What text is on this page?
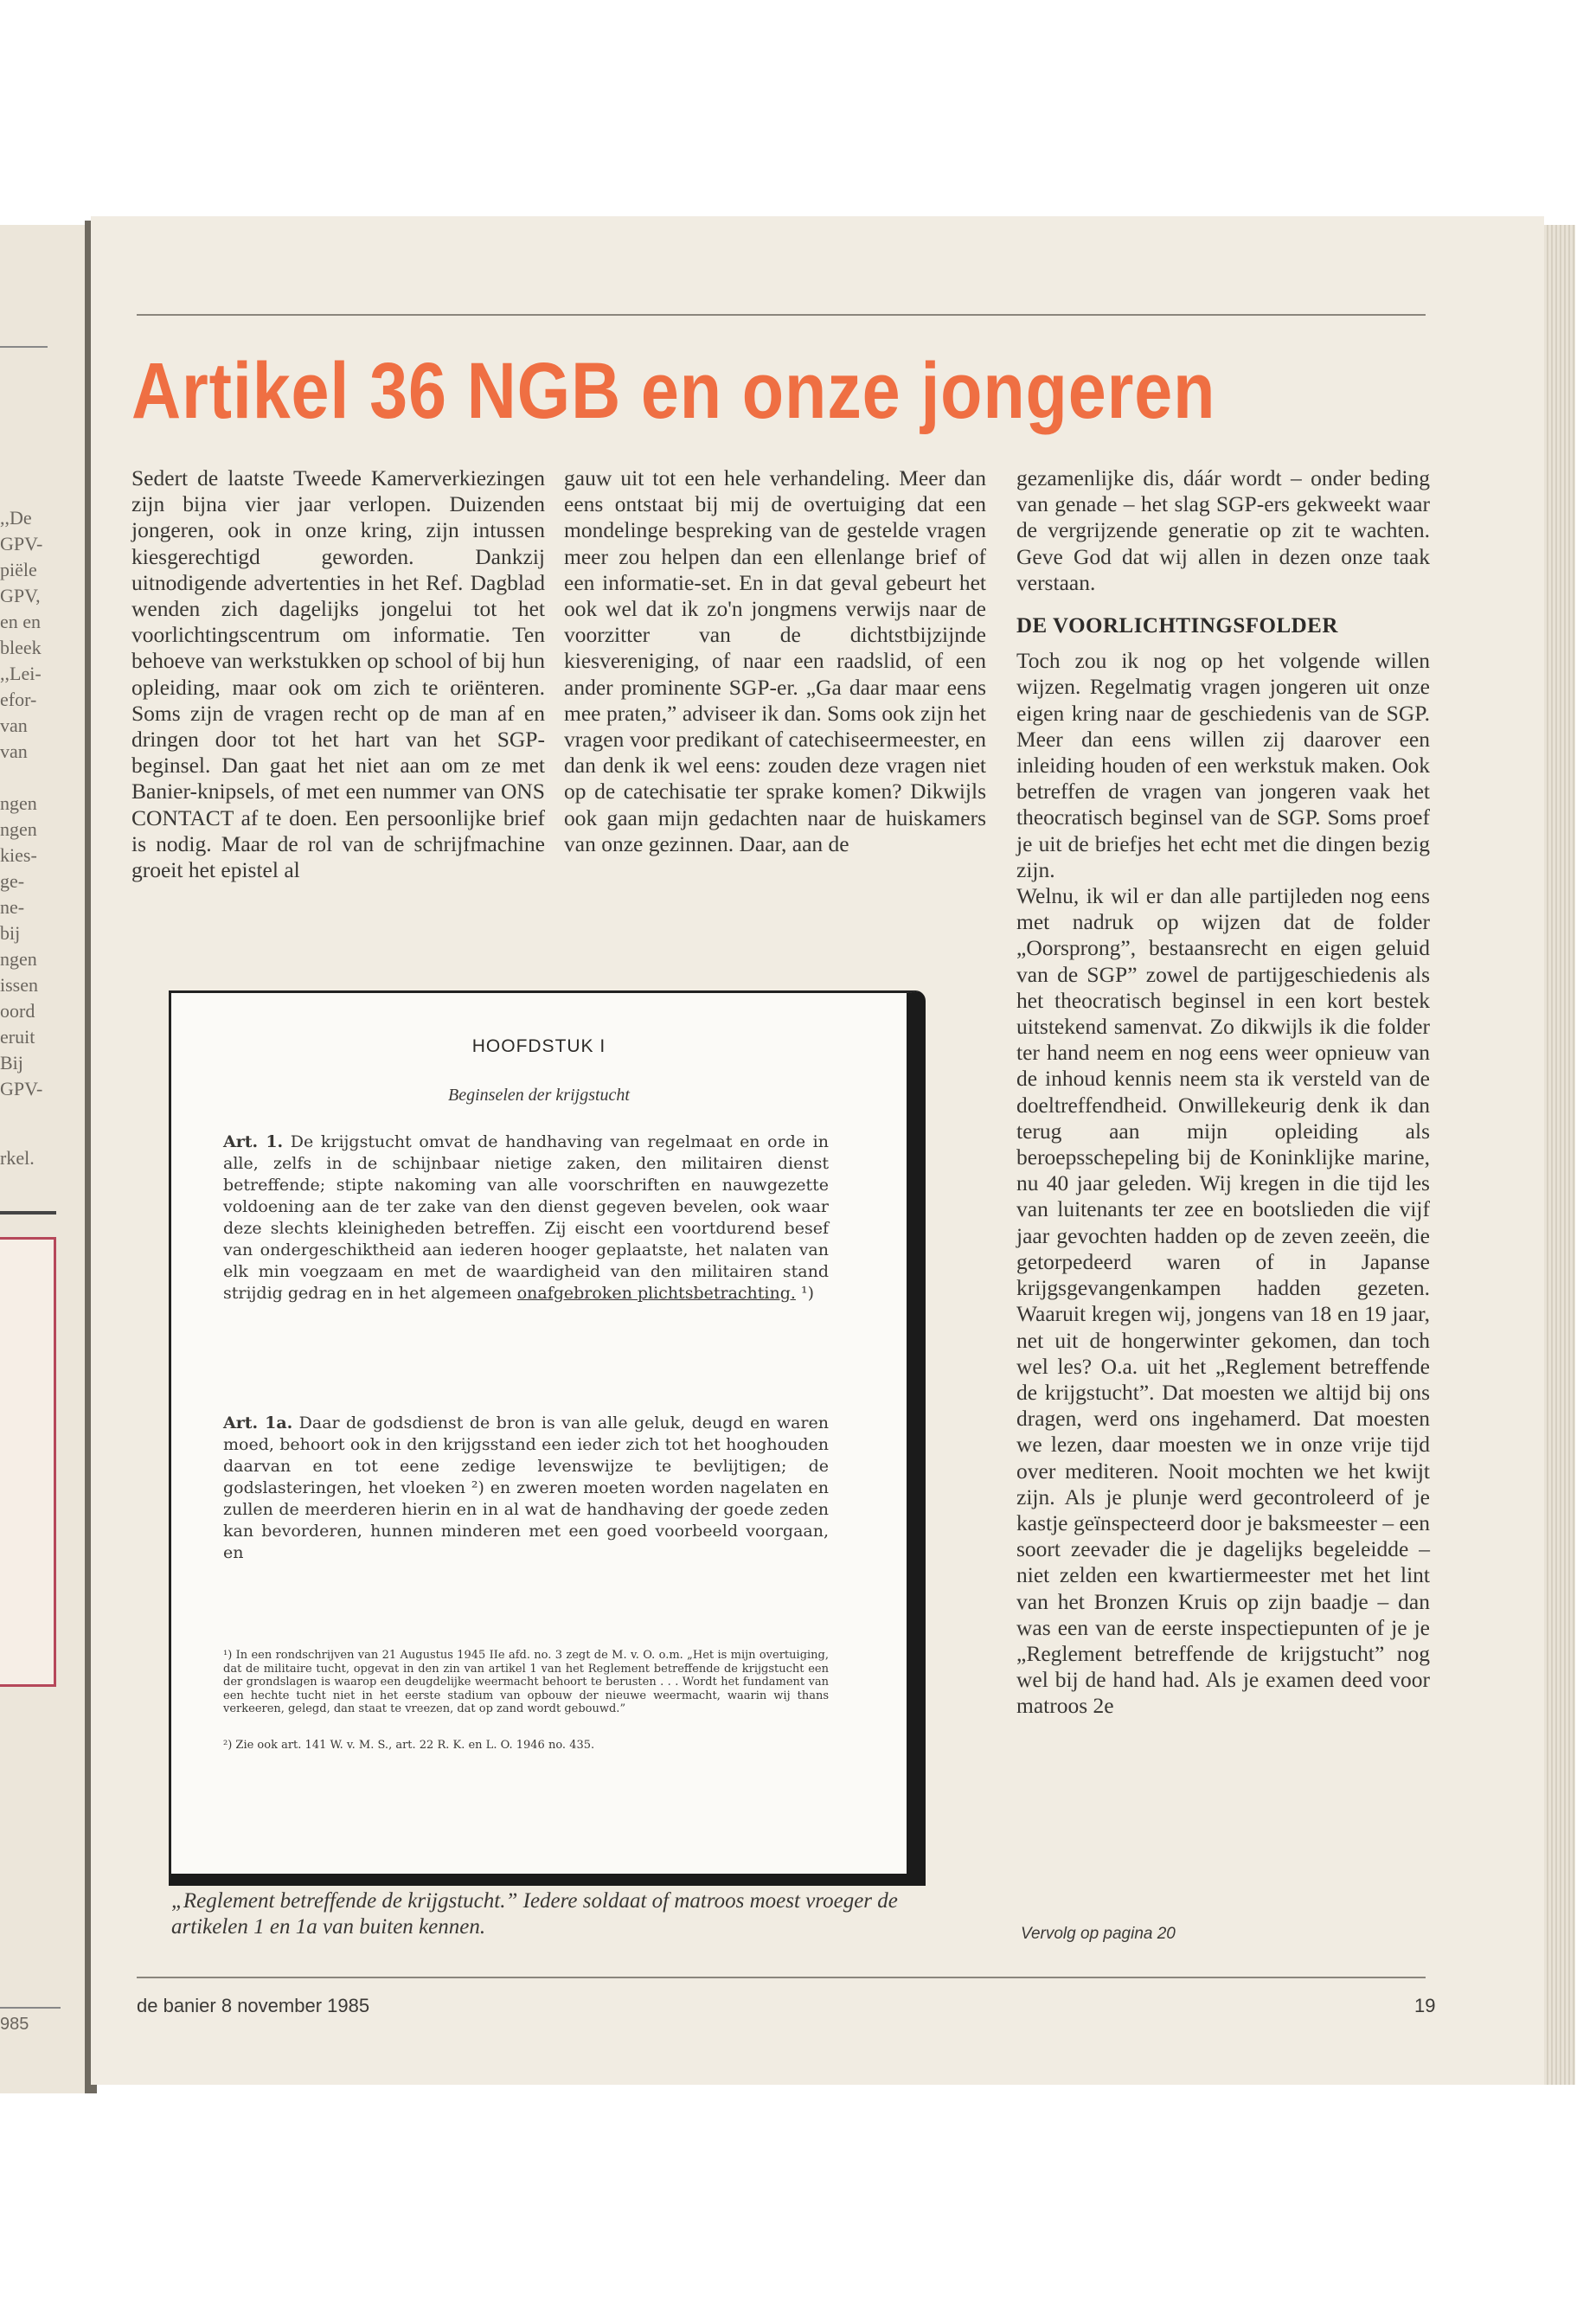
,,De
GPV-
piële
GPV,
en en
bleek
,,Lei-
efor-
van
van
ngen
ngen
kies-
ge-
ne-
bij
ngen
issen
oord
eruit
Bij
GPV-
rkel.
985
Artikel 36 NGB en onze jongeren

Sedert de laatste Tweede Kamerverkiezingen zijn bijna vier jaar verlopen. Duizenden jongeren, ook in onze kring, zijn intussen kiesgerechtigd geworden. Dankzij uitnodigende advertenties in het Ref. Dagblad wenden zich dagelijks jongelui tot het voorlichtingscentrum om informatie. Ten behoeve van werkstukken op school of bij hun opleiding, maar ook om zich te oriënteren. Soms zijn de vragen recht op de man af en dringen door tot het hart van het SGP-beginsel. Dan gaat het niet aan om ze met Banier-knipsels, of met een nummer van ONS CONTACT af te doen. Een persoonlijke brief is nodig. Maar de rol van de schrijfmachine groeit het epistel al

gauw uit tot een hele verhandeling. Meer dan eens ontstaat bij mij de overtuiging dat een mondelinge bespreking van de gestelde vragen meer zou helpen dan een ellenlange brief of een informatie-set. En in dat geval gebeurt het ook wel dat ik zo'n jongmens verwijs naar de voorzitter van de dichtstbijzijnde kiesvereniging, of naar een raadslid, of een ander prominente SGP-er. „Ga daar maar eens mee praten,” adviseer ik dan. Soms ook zijn het vragen voor predikant of catechiseermeester, en dan denk ik wel eens: zouden deze vragen niet op de catechisatie ter sprake komen? Dikwijls ook gaan mijn gedachten naar de huiskamers van onze gezinnen. Daar, aan de

gezamenlijke dis, dáár wordt – onder beding van genade – het slag SGP-ers gekweekt waar de vergrijzende generatie op zit te wachten. Geve God dat wij allen in dezen onze taak verstaan.

DE VOORLICHTINGSFOLDER

Toch zou ik nog op het volgende willen wijzen. Regelmatig vragen jongeren uit onze eigen kring naar de geschiedenis van de SGP. Meer dan eens willen zij daarover een inleiding houden of een werkstuk maken. Ook betreffen de vragen van jongeren vaak het theocratisch beginsel van de SGP. Soms proef je uit de briefjes het echt met die dingen bezig zijn.

Welnu, ik wil er dan alle partijleden nog eens met nadruk op wijzen dat de folder „Oorsprong”, bestaansrecht en eigen geluid van de SGP” zowel de partijgeschiedenis als het theocratisch beginsel in een kort bestek uitstekend samenvat. Zo dikwijls ik die folder ter hand neem en nog eens weer opnieuw van de inhoud kennis neem sta ik versteld van de doeltreffendheid. Onwillekeurig denk ik dan terug aan mijn opleiding als beroepsschepeling bij de Koninklijke marine, nu 40 jaar geleden. Wij kregen in die tijd les van luitenants ter zee en bootslieden die vijf jaar gevochten hadden op de zeven zeeën, die getorpedeerd waren of in Japanse krijgsgevangenkampen hadden gezeten. Waaruit kregen wij, jongens van 18 en 19 jaar, net uit de hongerwinter gekomen, dan toch wel les? O.a. uit het „Reglement betreffende de krijgstucht”. Dat moesten we altijd bij ons dragen, werd ons ingehamerd. Dat moesten we lezen, daar moesten we in onze vrije tijd over mediteren. Nooit mochten we het kwijt zijn. Als je plunje werd gecontroleerd of je kastje geïnspecteerd door je baksmeester – een soort zeevader die je dagelijks begeleidde – niet zelden een kwartiermeester met het lint van het Bronzen Kruis op zijn baadje – dan was een van de eerste inspectiepunten of je je „Reglement betreffende de krijgstucht” nog wel bij de hand had. Als je examen deed voor matroos 2e

HOOFDSTUK I
Beginselen der krijgstucht
Art. 1. De krijgstucht omvat de handhaving van regelmaat en orde in alle, zelfs in de schijnbaar nietige zaken, den militairen dienst betreffende; stipte nakoming van alle voorschriften en nauwgezette voldoening aan de ter zake van den dienst gegeven bevelen, ook waar deze slechts kleinigheden betreffen. Zij eischt een voortdurend besef van ondergeschiktheid aan iederen hooger geplaatste, het nalaten van elk min voegzaam en met de waardigheid van den militairen stand strijdig gedrag en in het algemeen onafgebroken plichtsbetrachting. ¹)
Art. 1a. Daar de godsdienst de bron is van alle geluk, deugd en waren moed, behoort ook in den krijgsstand een ieder zich tot het hooghouden daarvan en tot eene zedige levenswijze te bevlijtigen; de godslasteringen, het vloeken ²) en zweren moeten worden nagelaten en zullen de meerderen hierin en in al wat de handhaving der goede zeden kan bevorderen, hunnen minderen met een goed voorbeeld voorgaan, en
¹) In een rondschrijven van 21 Augustus 1945 IIe afd. no. 3 zegt de M. v. O. o.m. „Het is mijn overtuiging, dat de militaire tucht, opgevat in den zin van artikel 1 van het Reglement betreffende de krijgstucht een der grondslagen is waarop een deugdelijke weermacht behoort te berusten . . . Wordt het fundament van een hechte tucht niet in het eerste stadium van opbouw der nieuwe weermacht, waarin wij thans verkeeren, gelegd, dan staat te vreezen, dat op zand wordt gebouwd.”
²) Zie ook art. 141 W. v. M. S., art. 22 R. K. en L. O. 1946 no. 435.
„Reglement betreffende de krijgstucht.” Iedere soldaat of matroos moest vroeger de artikelen 1 en 1a van buiten kennen.	Vervolg op pagina 20
de banier 8 november 1985	19
